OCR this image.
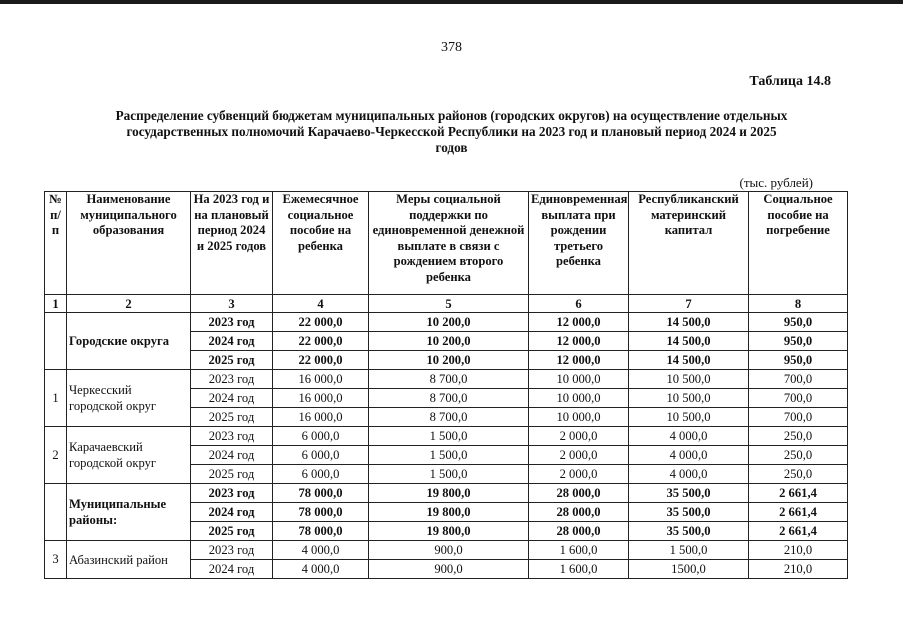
378
Таблица 14.8
Распределение субвенций бюджетам муниципальных районов (городских округов) на осуществление отдельных
государственных полномочий Карачаево-Черкесской Республики на 2023 год и плановый период 2024 и 2025
годов
(тыс. рублей)
№ п/п	Наименование муниципального образования	На 2023 год и на плановый период 2024 и 2025 годов	Ежемесячное социальное пособие на ребенка	Меры социальной поддержки по единовременной денежной выплате в связи с рождением второго ребенка	Единовременная выплата при рождении третьего ребенка	Республиканский материнский капитал	Социальное пособие на погребение
1	2	3	4	5	6	7	8
	Городские округа	2023 год	22 000,0	10 200,0	12 000,0	14 500,0	950,0
		2024 год	22 000,0	10 200,0	12 000,0	14 500,0	950,0
		2025 год	22 000,0	10 200,0	12 000,0	14 500,0	950,0
1	Черкесский городской округ	2023 год	16 000,0	8 700,0	10 000,0	10 500,0	700,0
		2024 год	16 000,0	8 700,0	10 000,0	10 500,0	700,0
		2025 год	16 000,0	8 700,0	10 000,0	10 500,0	700,0
2	Карачаевский городской округ	2023 год	6 000,0	1 500,0	2 000,0	4 000,0	250,0
		2024 год	6 000,0	1 500,0	2 000,0	4 000,0	250,0
		2025 год	6 000,0	1 500,0	2 000,0	4 000,0	250,0
	Муниципальные районы:	2023 год	78 000,0	19 800,0	28 000,0	35 500,0	2 661,4
		2024 год	78 000,0	19 800,0	28 000,0	35 500,0	2 661,4
		2025 год	78 000,0	19 800,0	28 000,0	35 500,0	2 661,4
3	Абазинский район	2023 год	4 000,0	900,0	1 600,0	1 500,0	210,0
		2024 год	4 000,0	900,0	1 600,0	1500,0	210,0
